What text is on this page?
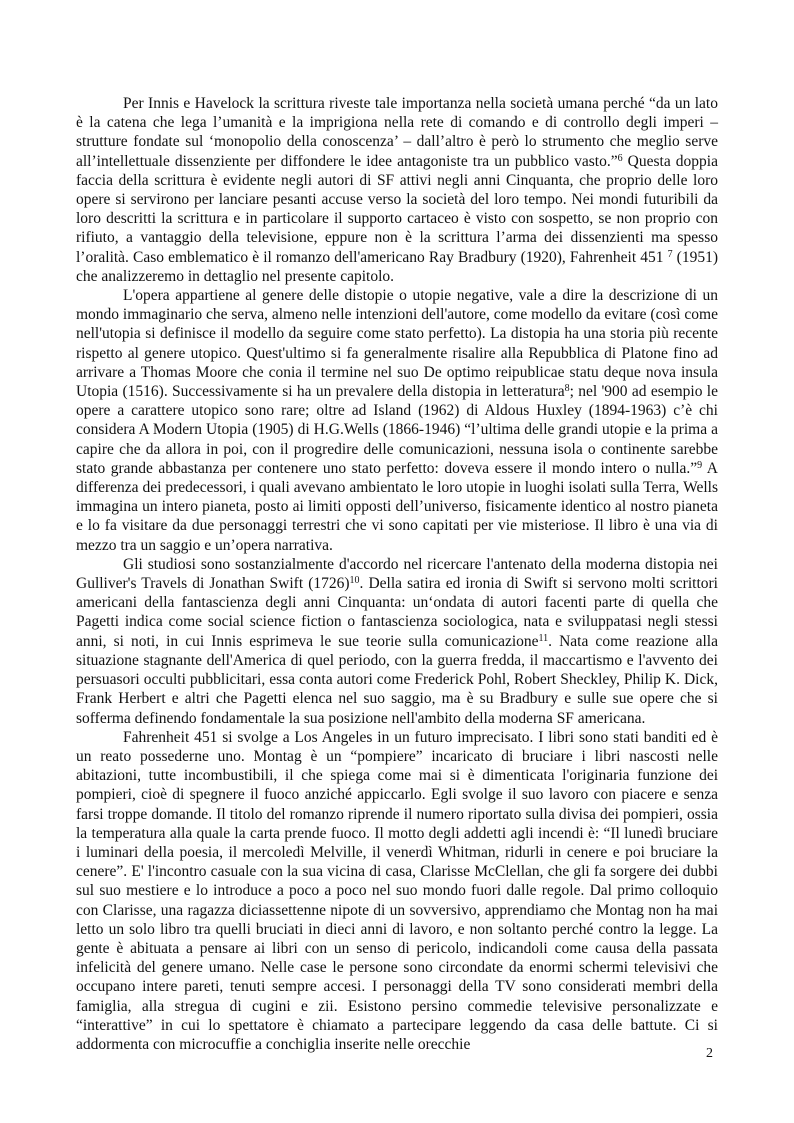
Per Innis e Havelock la scrittura riveste tale importanza nella società umana perché “da un lato è la catena che lega l’umanità e la imprigiona nella rete di comando e di controllo degli imperi – strutture fondate sul ‘monopolio della conoscenza’ – dall’altro è però lo strumento che meglio serve all’intellettuale dissenziente per diffondere le idee antagoniste tra un pubblico vasto.”$^6$ Questa doppia faccia della scrittura è evidente negli autori di SF attivi negli anni Cinquanta, che proprio delle loro opere si servirono per lanciare pesanti accuse verso la società del loro tempo. Nei mondi futuribili da loro descritti la scrittura e in particolare il supporto cartaceo è visto con sospetto, se non proprio con rifiuto, a vantaggio della televisione, eppure non è la scrittura l’arma dei dissenzienti ma spesso l’oralità. Caso emblematico è il romanzo dell'americano Ray Bradbury (1920), Fahrenheit 451 $^7$ (1951) che analizzeremo in dettaglio nel presente capitolo.

L'opera appartiene al genere delle distopie o utopie negative, vale a dire la descrizione di un mondo immaginario che serva, almeno nelle intenzioni dell'autore, come modello da evitare (così come nell'utopia si definisce il modello da seguire come stato perfetto). La distopia ha una storia più recente rispetto al genere utopico. Quest'ultimo si fa generalmente risalire alla Repubblica di Platone fino ad arrivare a Thomas Moore che conia il termine nel suo De optimo reipublicae statu deque nova insula Utopia (1516). Successivamente si ha un prevalere della distopia in letteratura$^8$; nel '900 ad esempio le opere a carattere utopico sono rare; oltre ad Island (1962) di Aldous Huxley (1894-1963) c’è chi considera A Modern Utopia (1905) di H.G.Wells (1866-1946) “l’ultima delle grandi utopie e la prima a capire che da allora in poi, con il progredire delle comunicazioni, nessuna isola o continente sarebbe stato grande abbastanza per contenere uno stato perfetto: doveva essere il mondo intero o nulla.”$^9$ A differenza dei predecessori, i quali avevano ambientato le loro utopie in luoghi isolati sulla Terra, Wells immagina un intero pianeta, posto ai limiti opposti dell’universo, fisicamente identico al nostro pianeta e lo fa visitare da due personaggi terrestri che vi sono capitati per vie misteriose. Il libro è una via di mezzo tra un saggio e un’opera narrativa.

Gli studiosi sono sostanzialmente d'accordo nel ricercare l'antenato della moderna distopia nei Gulliver's Travels di Jonathan Swift $(1726)^{10}$. Della satira ed ironia di Swift si servono molti scrittori americani della fantascienza degli anni Cinquanta: un‘ondata di autori facenti parte di quella che Pagetti indica come social science fiction o fantascienza sociologica, nata e sviluppatasi negli stessi anni, si noti, in cui Innis esprimeva le sue teorie sulla comunicazione$^{11}$. Nata come reazione alla situazione stagnante dell'America di quel periodo, con la guerra fredda, il maccartismo e l'avvento dei persuasori occulti pubblicitari, essa conta autori come Frederick Pohl, Robert Sheckley, Philip K. Dick, Frank Herbert e altri che Pagetti elenca nel suo saggio, ma è su Bradbury e sulle sue opere che si sofferma definendo fondamentale la sua posizione nell'ambito della moderna SF americana.

Fahrenheit 451 si svolge a Los Angeles in un futuro imprecisato. I libri sono stati banditi ed è un reato possederne uno. Montag è un “pompiere” incaricato di bruciare i libri nascosti nelle abitazioni, tutte incombustibili, il che spiega come mai si è dimenticata l'originaria funzione dei pompieri, cioè di spegnere il fuoco anziché appiccarlo. Egli svolge il suo lavoro con piacere e senza farsi troppe domande. Il titolo del romanzo riprende il numero riportato sulla divisa dei pompieri, ossia la temperatura alla quale la carta prende fuoco. Il motto degli addetti agli incendi è: “Il lunedì bruciare i luminari della poesia, il mercoledì Melville, il venerdì Whitman, ridurli in cenere e poi bruciare la cenere”. E' l'incontro casuale con la sua vicina di casa, Clarisse McClellan, che gli fa sorgere dei dubbi sul suo mestiere e lo introduce a poco a poco nel suo mondo fuori dalle regole. Dal primo colloquio con Clarisse, una ragazza diciassettenne nipote di un sovversivo, apprendiamo che Montag non ha mai letto un solo libro tra quelli bruciati in dieci anni di lavoro, e non soltanto perché contro la legge. La gente è abituata a pensare ai libri con un senso di pericolo, indicandoli come causa della passata infelicità del genere umano. Nelle case le persone sono circondate da enormi schermi televisivi che occupano intere pareti, tenuti sempre accesi. I personaggi della TV sono considerati membri della famiglia, alla stregua di cugini e zii. Esistono persino commedie televisive personalizzate e “interattive” in cui lo spettatore è chiamato a partecipare leggendo da casa delle battute. Ci si addormenta con microcuffie a conchiglia inserite nelle orecchie

2
